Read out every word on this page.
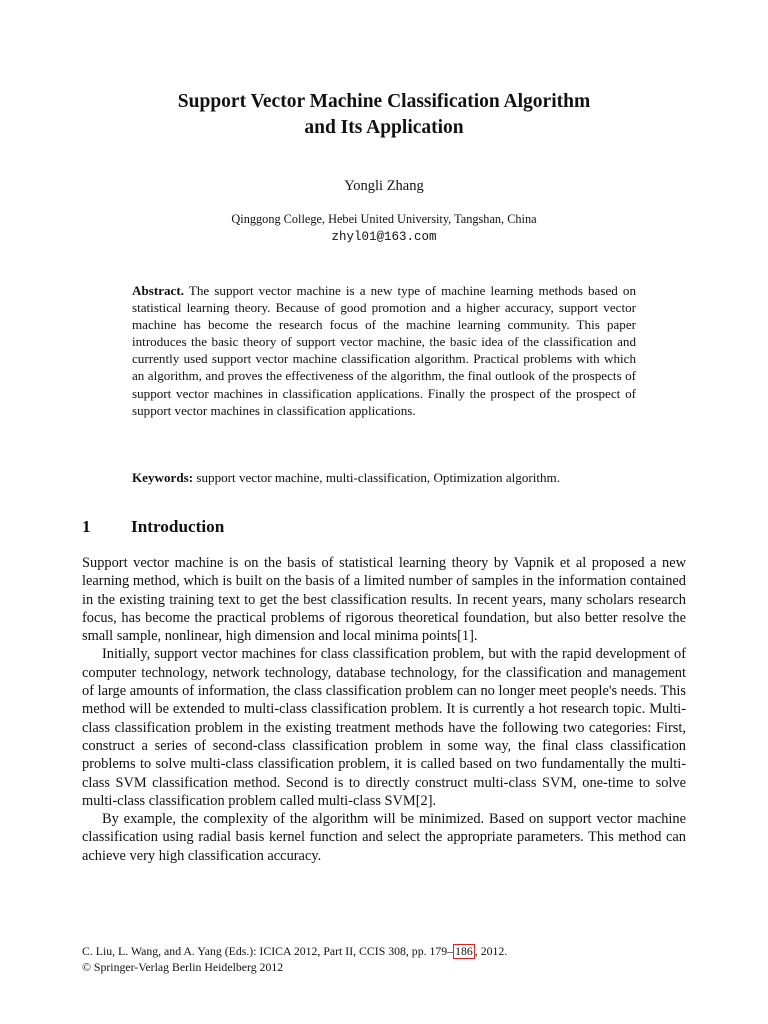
Support Vector Machine Classification Algorithm
and Its Application
Yongli Zhang
Qinggong College, Hebei United University, Tangshan, China
zhyl01@163.com
Abstract. The support vector machine is a new type of machine learning methods based on statistical learning theory. Because of good promotion and a higher accuracy, support vector machine has become the research focus of the machine learning community. This paper introduces the basic theory of support vector machine, the basic idea of the classification and currently used support vector machine classification algorithm. Practical problems with which an algorithm, and proves the effectiveness of the algorithm, the final outlook of the prospects of support vector machines in classification applications. Finally the prospect of the prospect of support vector machines in classification applications.
Keywords: support vector machine, multi-classification, Optimization algorithm.
1 Introduction

Support vector machine is on the basis of statistical learning theory by Vapnik et al proposed a new learning method, which is built on the basis of a limited number of samples in the information contained in the existing training text to get the best classification results. In recent years, many scholars research focus, has become the practical problems of rigorous theoretical foundation, but also better resolve the small sample, nonlinear, high dimension and local minima points[1].

Initially, support vector machines for class classification problem, but with the rapid development of computer technology, network technology, database technology, for the classification and management of large amounts of information, the class classification problem can no longer meet people's needs. This method will be extended to multi-class classification problem. It is currently a hot research topic. Multi-class classification problem in the existing treatment methods have the following two categories: First, construct a series of second-class classification problem in some way, the final class classification problems to solve multi-class classification problem, it is called based on two fundamentally the multi-class SVM classification method. Second is to directly construct multi-class SVM, one-time to solve multi-class classification problem called multi-class SVM[2].

By example, the complexity of the algorithm will be minimized. Based on support vector machine classification using radial basis kernel function and select the appropriate parameters. This method can achieve very high classification accuracy.

C. Liu, L. Wang, and A. Yang (Eds.): ICICA 2012, Part II, CCIS 308, pp. 179– 186 , 2012.
© Springer-Verlag Berlin Heidelberg 2012
